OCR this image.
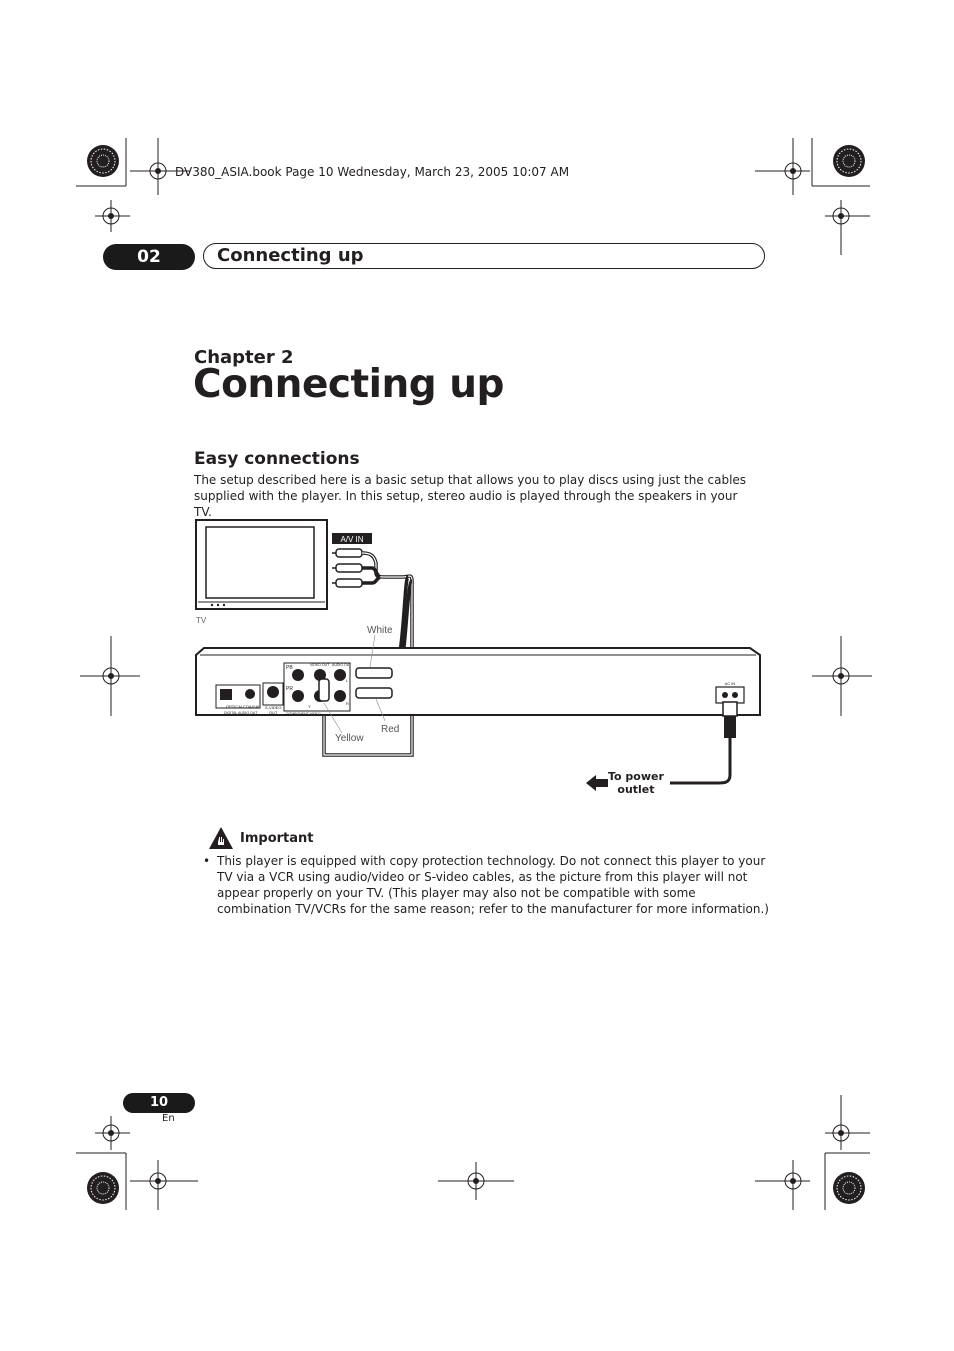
DV380_ASIA.book Page 10 Wednesday, March 23, 2005 10:07 AM
02	Connecting up
Chapter 2
Connecting up
Easy connections
The setup described here is a basic setup that allows you to play discs using just the cables supplied with the player. In this setup, stereo audio is played through the speakers in your TV.
TV
A/V IN
OPTICAL COAXIAL
DIGITAL AUDIO OUT
S-VIDEO
OUT
PB
PR
Y
L
R
VIDEO OUT AUDIO OUT
COMPONENT VIDEO
AC IN
White
Red
Yellow
To power
outlet
Important
• This player is equipped with copy protection technology. Do not connect this player to your TV via a VCR using audio/video or S-video cables, as the picture from this player will not appear properly on your TV. (This player may also not be compatible with some combination TV/VCRs for the same reason; refer to the manufacturer for more information.)
10
En
